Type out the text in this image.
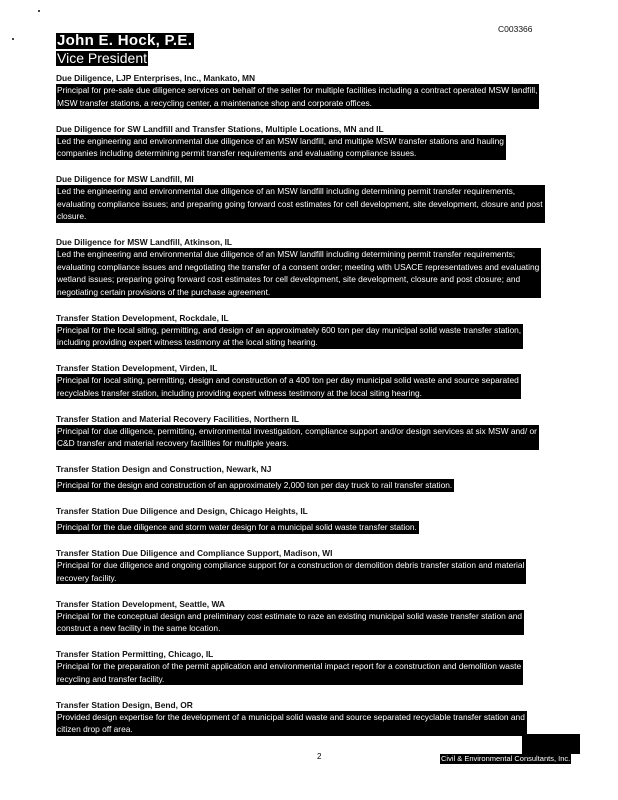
C003366
John E. Hock, P.E.
Vice President
Due Diligence, LJP Enterprises, Inc., Mankato, MN
Principal for pre-sale due diligence services on behalf of the seller for multiple facilities including a contract operated MSW landfill,
MSW transfer stations, a recycling center, a maintenance shop and corporate offices.
Due Diligence for SW Landfill and Transfer Stations, Multiple Locations, MN and IL
Led the engineering and environmental due diligence of an MSW landfill, and multiple MSW transfer stations and hauling
companies including determining permit transfer requirements and evaluating compliance issues.
Due Diligence for MSW Landfill, MI
Led the engineering and environmental due diligence of an MSW landfill including determining permit transfer requirements,
evaluating compliance issues; and preparing going forward cost estimates for cell development, site development, closure and post
closure.
Due Diligence for MSW Landfill, Atkinson, IL
Led the engineering and environmental due diligence of an MSW landfill including determining permit transfer requirements;
evaluating compliance issues and negotiating the transfer of a consent order; meeting with USACE representatives and evaluating
wetland issues; preparing going forward cost estimates for cell development, site development, closure and post closure; and
negotiating certain provisions of the purchase agreement.
Transfer Station Development, Rockdale, IL
Principal for the local siting, permitting, and design of an approximately 600 ton per day municipal solid waste transfer station,
including providing expert witness testimony at the local siting hearing.
Transfer Station Development, Virden, IL
Principal for local siting, permitting, design and construction of a 400 ton per day municipal solid waste and source separated
recyclables transfer station, including providing expert witness testimony at the local siting hearing.
Transfer Station and Material Recovery Facilities, Northern IL
Principal for due diligence, permitting, environmental investigation, compliance support and/or design services at six MSW and/ or
C&D transfer and material recovery facilities for multiple years.
Transfer Station Design and Construction, Newark, NJ
Principal for the design and construction of an approximately 2,000 ton per day truck to rail transfer station.
Transfer Station Due Diligence and Design, Chicago Heights, IL
Principal for the due diligence and storm water design for a municipal solid waste transfer station.
Transfer Station Due Diligence and Compliance Support, Madison, WI
Principal for due diligence and ongoing compliance support for a construction or demolition debris transfer station and material
recovery facility.
Transfer Station Development, Seattle, WA
Principal for the conceptual design and preliminary cost estimate to raze an existing municipal solid waste transfer station and
construct a new facility in the same location.
Transfer Station Permitting, Chicago, IL
Principal for the preparation of the permit application and environmental impact report for a construction and demolition waste
recycling and transfer facility.
Transfer Station Design, Bend, OR
Provided design expertise for the development of a municipal solid waste and source separated recyclable transfer station and
citizen drop off area.
2	Civil & Environmental Consultants, Inc.
